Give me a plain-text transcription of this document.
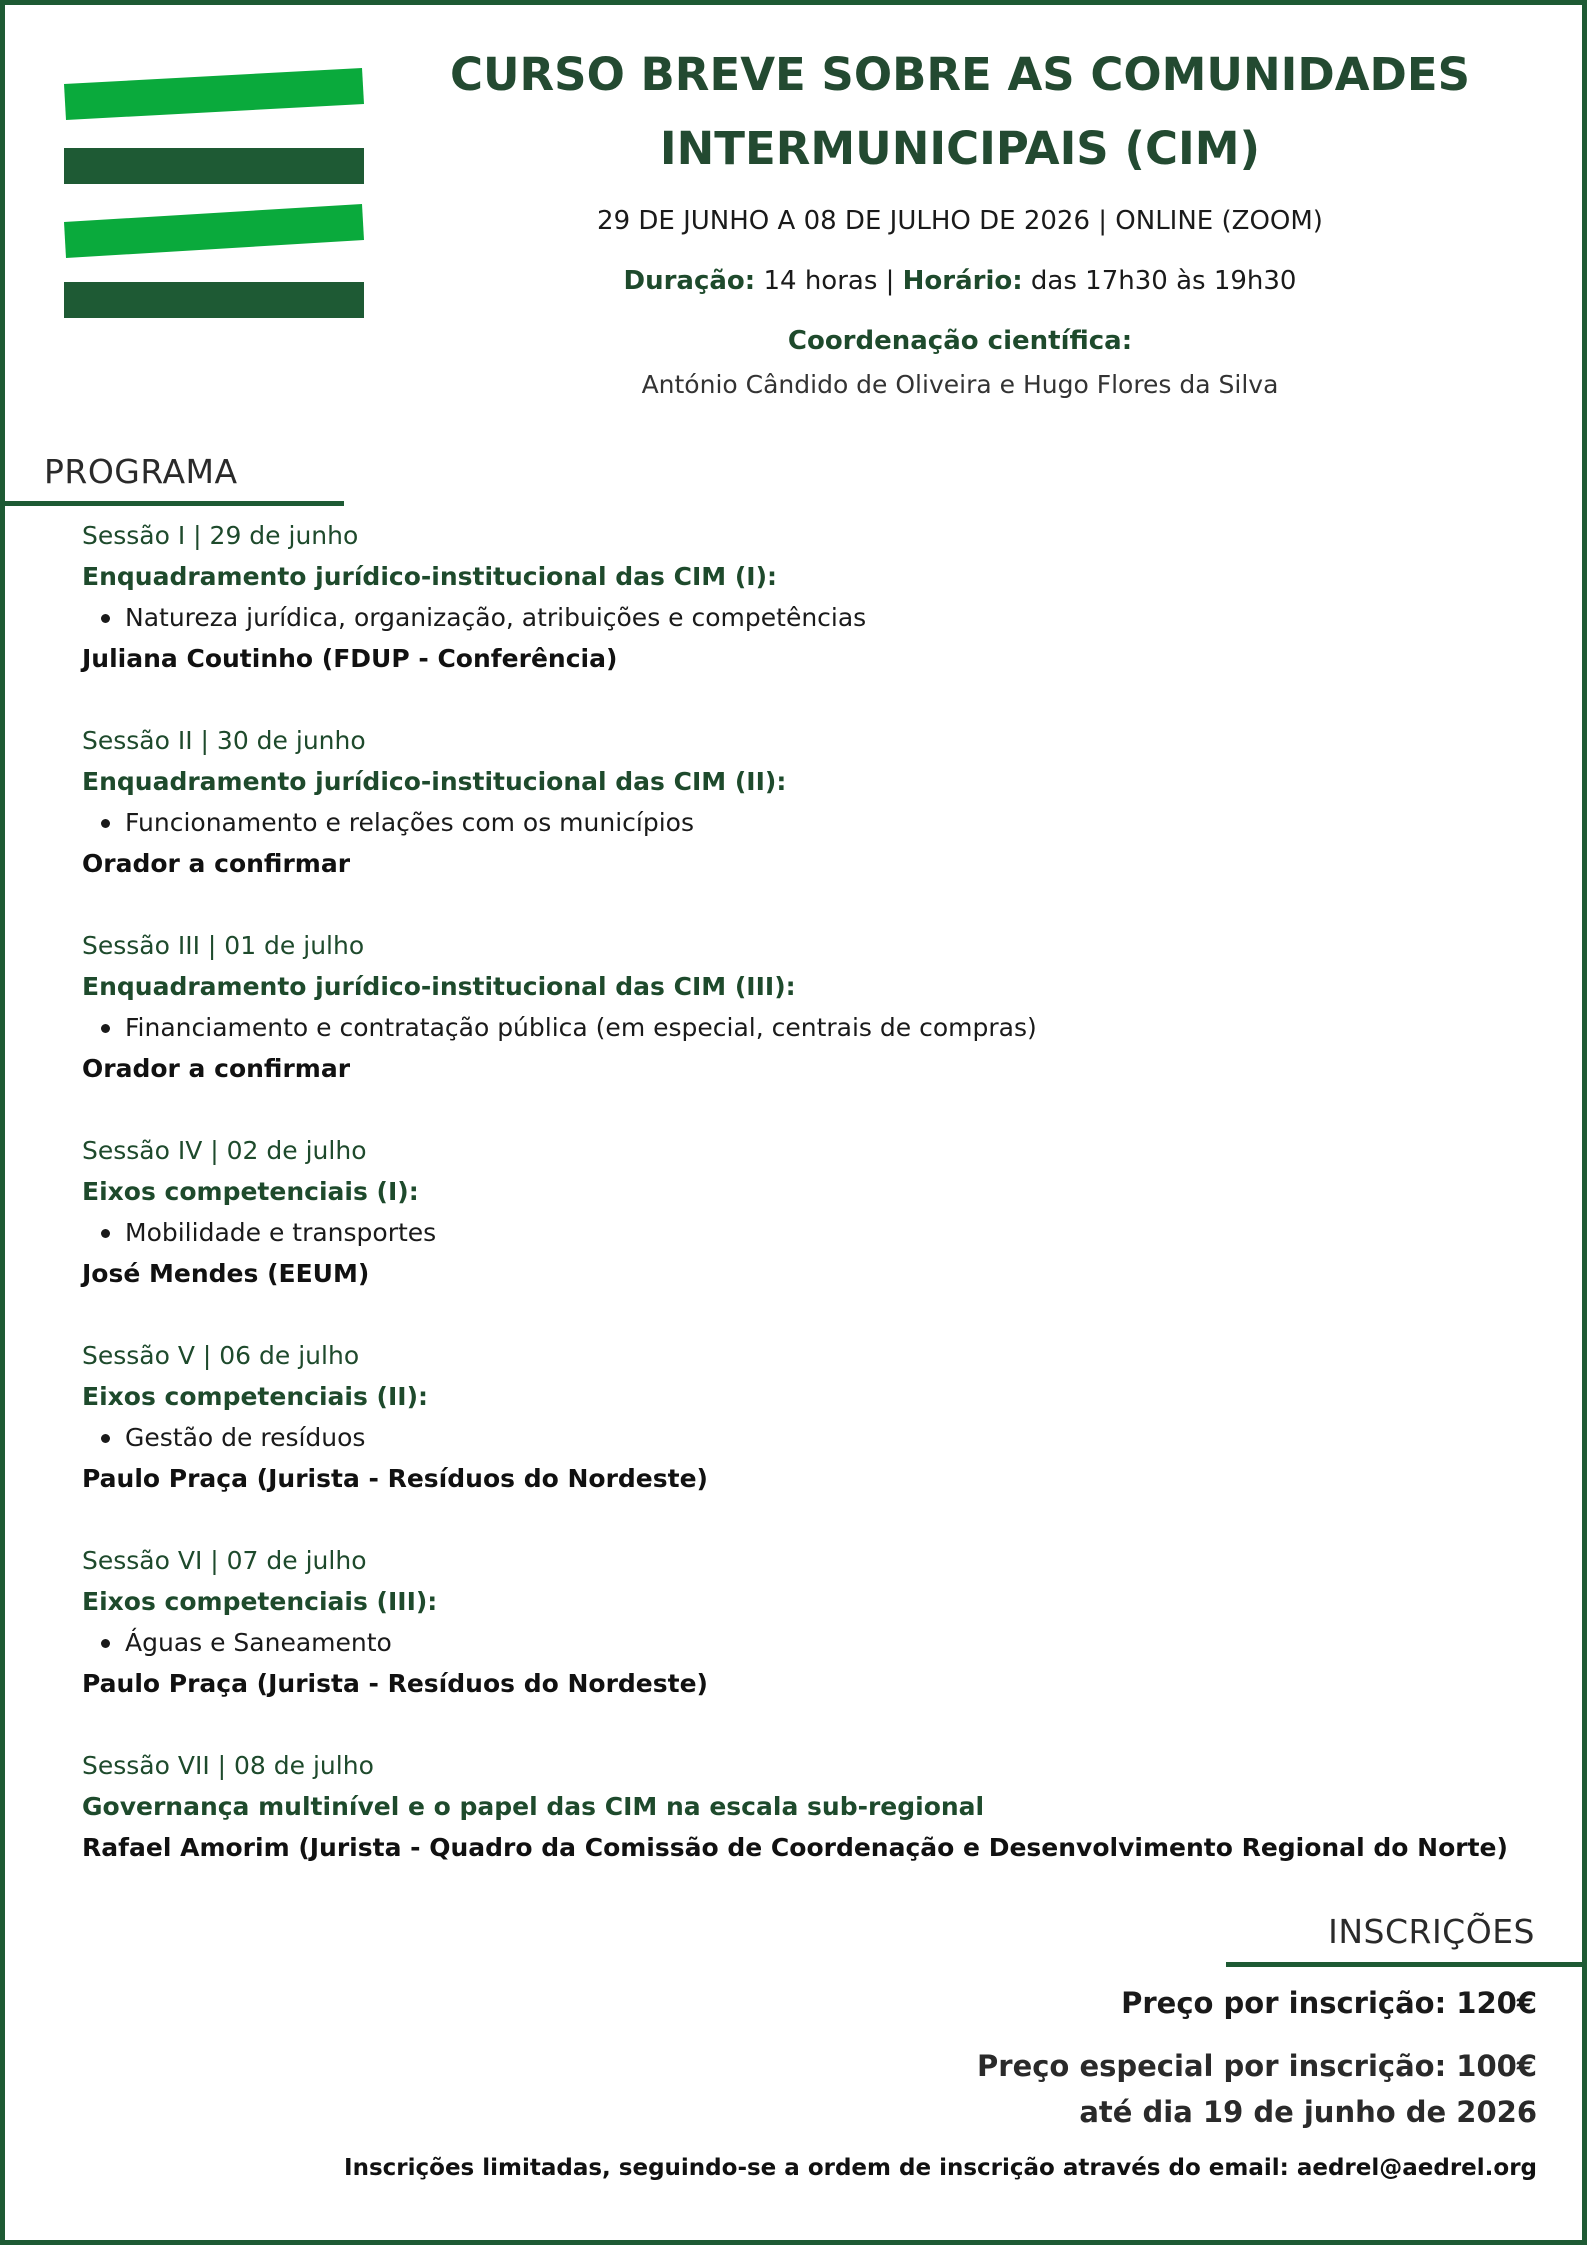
CURSO BREVE SOBRE AS COMUNIDADES
INTERMUNICIPAIS (CIM)
29 DE JUNHO A 08 DE JULHO DE 2026 | ONLINE (ZOOM)
Duração: 14 horas | Horário: das 17h30 às 19h30
Coordenação científica:
António Cândido de Oliveira e Hugo Flores da Silva
PROGRAMA
Sessão I | 29 de junho
Enquadramento jurídico-institucional das CIM (I):
Natureza jurídica, organização, atribuições e competências
Juliana Coutinho (FDUP - Conferência)
Sessão II | 30 de junho
Enquadramento jurídico-institucional das CIM (II):
Funcionamento e relações com os municípios
Orador a confirmar
Sessão III | 01 de julho
Enquadramento jurídico-institucional das CIM (III):
Financiamento e contratação pública (em especial, centrais de compras)
Orador a confirmar
Sessão IV | 02 de julho
Eixos competenciais (I):
Mobilidade e transportes
José Mendes (EEUM)
Sessão V | 06 de julho
Eixos competenciais (II):
Gestão de resíduos
Paulo Praça (Jurista - Resíduos do Nordeste)
Sessão VI | 07 de julho
Eixos competenciais (III):
Águas e Saneamento
Paulo Praça (Jurista - Resíduos do Nordeste)
Sessão VII | 08 de julho
Governança multinível e o papel das CIM na escala sub-regional
Rafael Amorim (Jurista - Quadro da Comissão de Coordenação e Desenvolvimento Regional do Norte)
INSCRIÇÕES
Preço por inscrição: 120€
Preço especial por inscrição: 100€
até dia 19 de junho de 2026
Inscrições limitadas, seguindo-se a ordem de inscrição através do email: aedrel@aedrel.org
